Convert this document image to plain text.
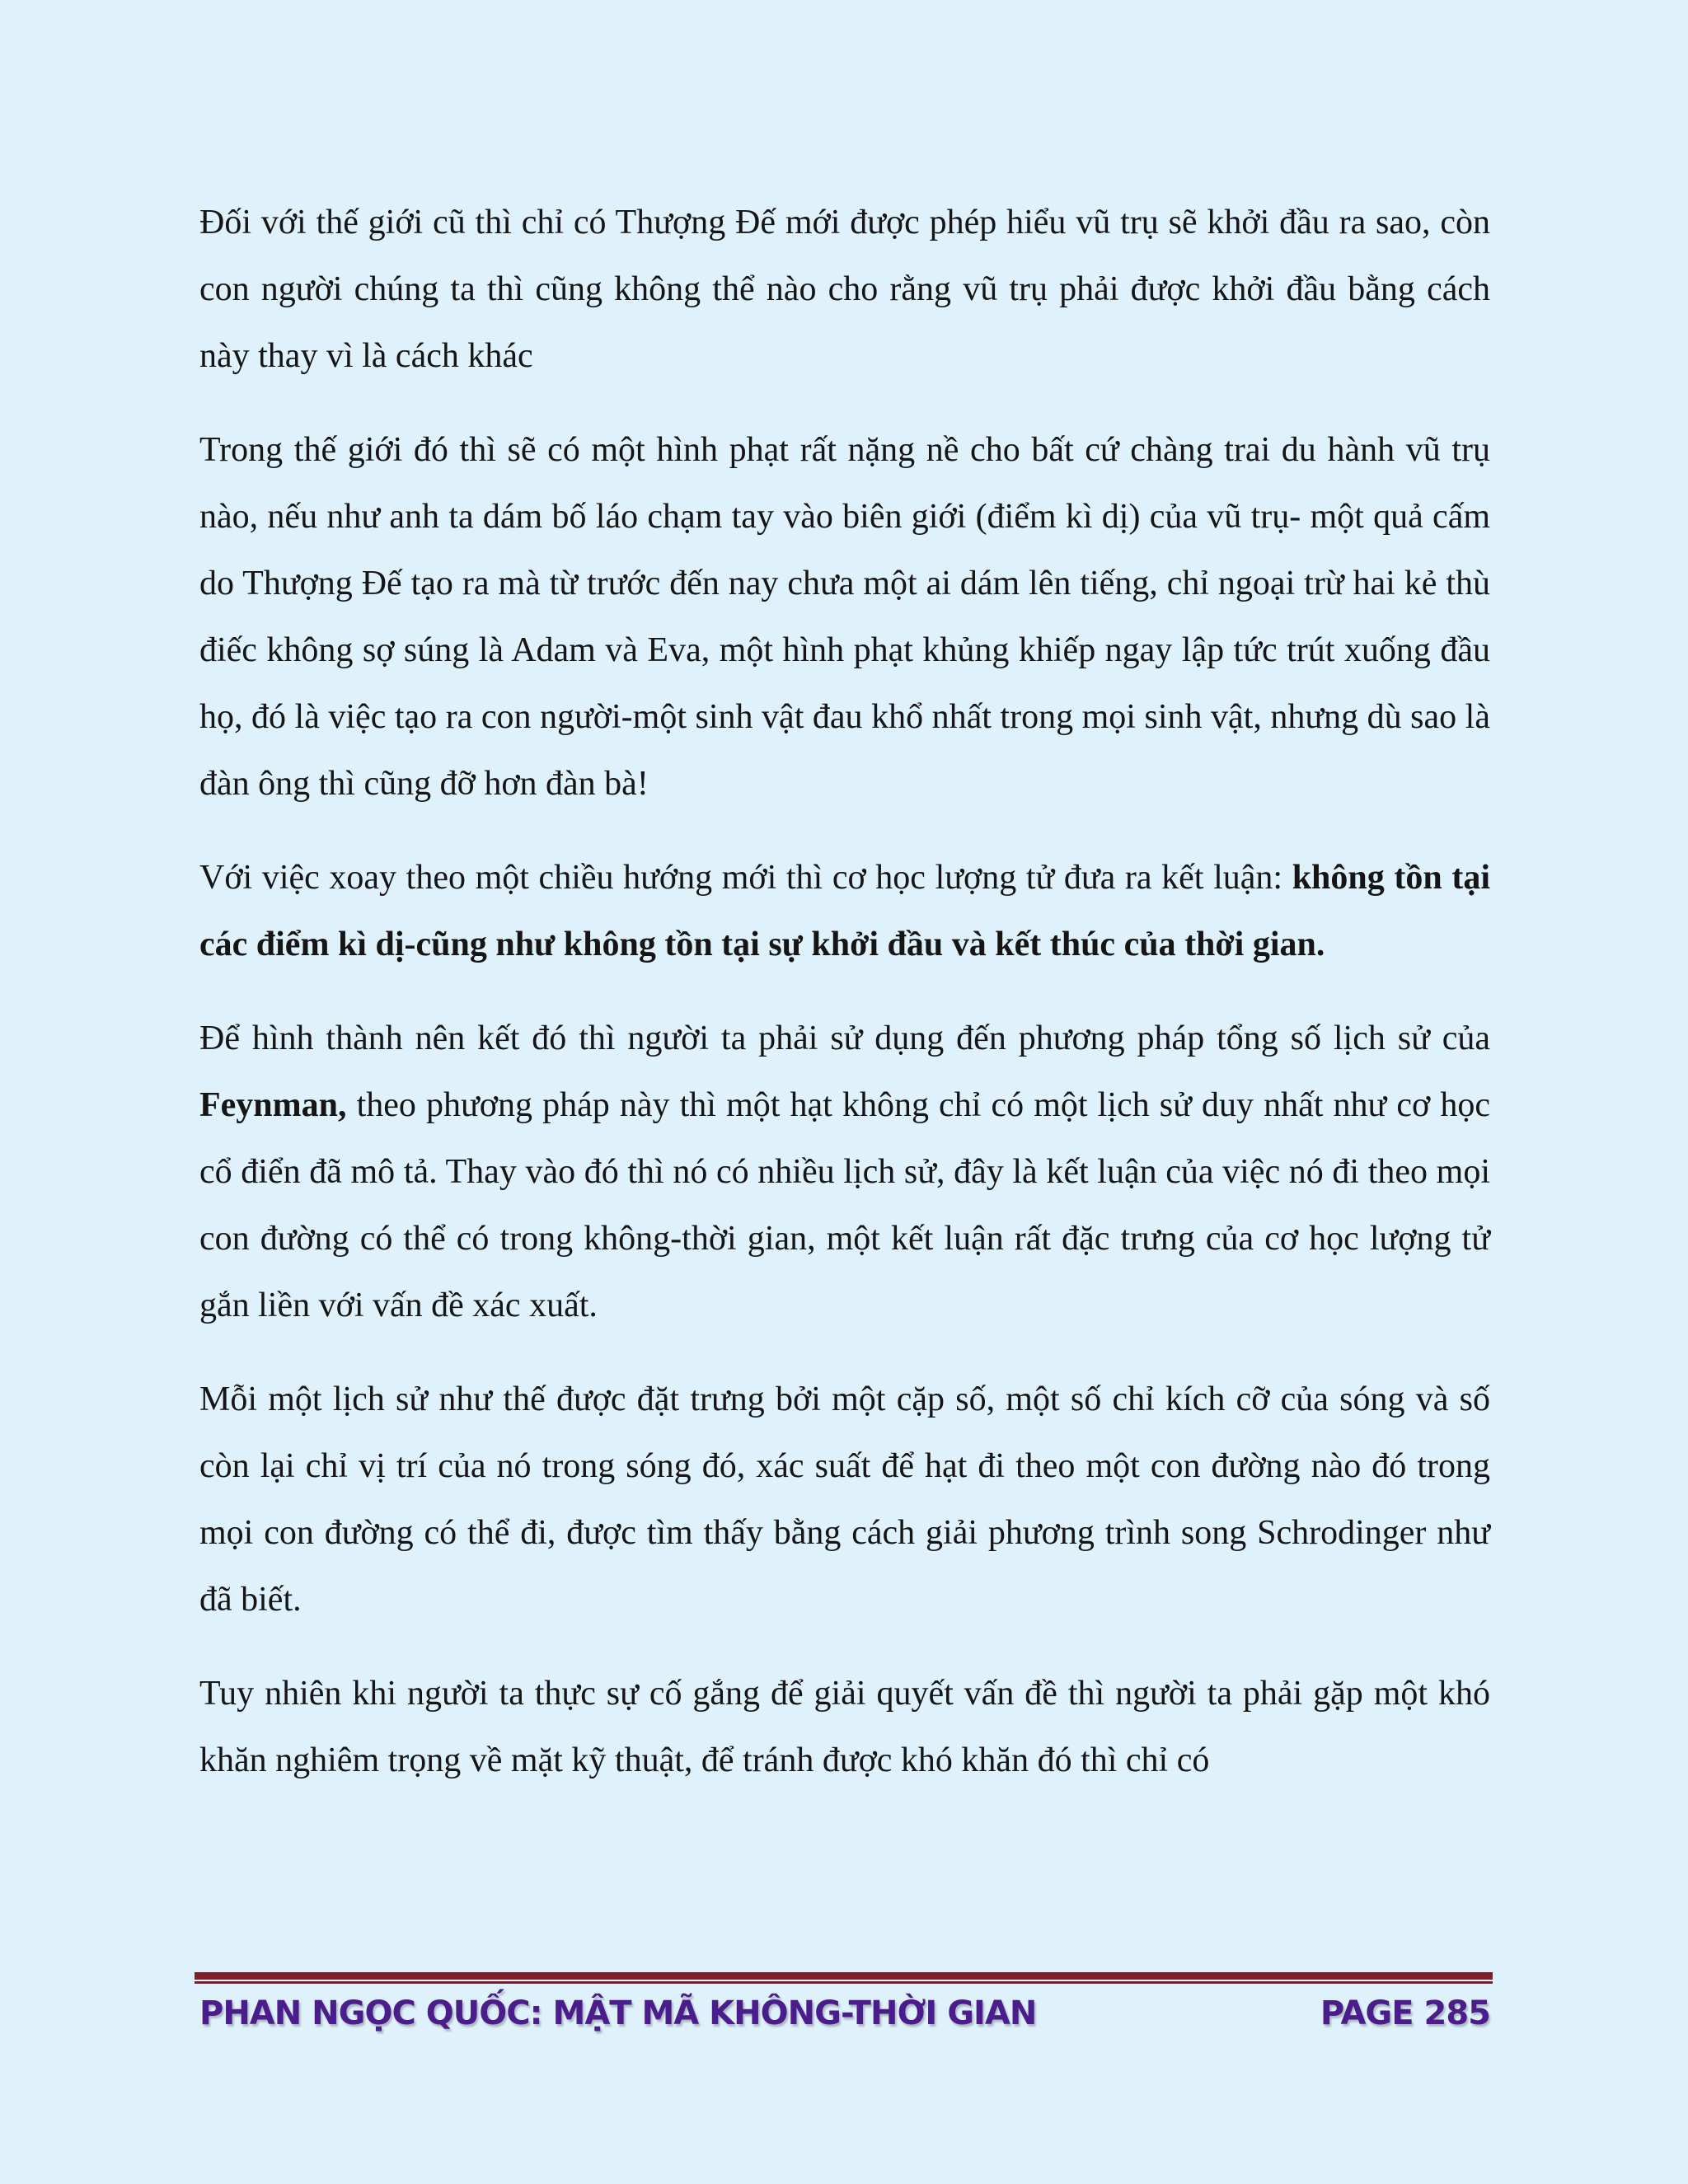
Đối với thế giới cũ thì chỉ có Thượng Đế mới được phép hiểu vũ trụ sẽ khởi đầu ra sao, còn con người chúng ta thì cũng không thể nào cho rằng vũ trụ phải được khởi đầu bằng cách này thay vì là cách khác

Trong thế giới đó thì sẽ có một hình phạt rất nặng nề cho bất cứ chàng trai du hành vũ trụ nào, nếu như anh ta dám bố láo chạm tay vào biên giới (điểm kì dị) của vũ trụ- một quả cấm do Thượng Đế tạo ra mà từ trước đến nay chưa một ai dám lên tiếng, chỉ ngoại trừ hai kẻ thù điếc không sợ súng là Adam và Eva, một hình phạt khủng khiếp ngay lập tức trút xuống đầu họ, đó là việc tạo ra con người-một sinh vật đau khổ nhất trong mọi sinh vật, nhưng dù sao là đàn ông thì cũng đỡ hơn đàn bà!

Với việc xoay theo một chiều hướng mới thì cơ học lượng tử đưa ra kết luận: không tồn tại các điểm kì dị-cũng như không tồn tại sự khởi đầu và kết thúc của thời gian.

Để hình thành nên kết đó thì người ta phải sử dụng đến phương pháp tổng số lịch sử của Feynman, theo phương pháp này thì một hạt không chỉ có một lịch sử duy nhất như cơ học cổ điển đã mô tả. Thay vào đó thì nó có nhiều lịch sử, đây là kết luận của việc nó đi theo mọi con đường có thể có trong không-thời gian, một kết luận rất đặc trưng của cơ học lượng tử gắn liền với vấn đề xác xuất.

Mỗi một lịch sử như thế được đặt trưng bởi một cặp số, một số chỉ kích cỡ của sóng và số còn lại chỉ vị trí của nó trong sóng đó, xác suất để hạt đi theo một con đường nào đó trong mọi con đường có thể đi, được tìm thấy bằng cách giải phương trình song Schrodinger như đã biết.

Tuy nhiên khi người ta thực sự cố gắng để giải quyết vấn đề thì người ta phải gặp một khó khăn nghiêm trọng về mặt kỹ thuật, để tránh được khó khăn đó thì chỉ có

PHAN NGỌC QUỐC: MẬT MÃ KHÔNG-THỜI GIAN	PAGE 285
